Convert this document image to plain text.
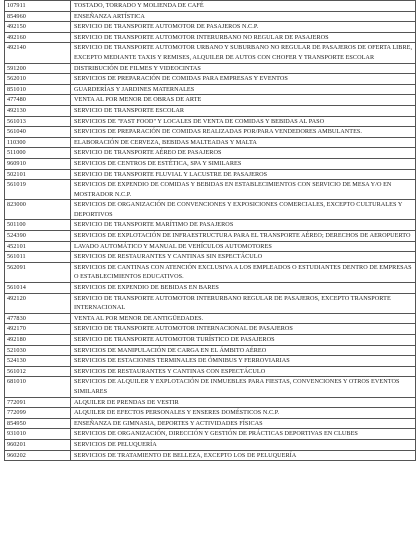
107911	TOSTADO, TORRADO Y MOLIENDA DE CAFÉ
854960	ENSEÑANZA ARTÍSTICA
492150	SERVICIO DE TRANSPORTE AUTOMOTOR DE PASAJEROS N.C.P.
492160	SERVICIO DE TRANSPORTE AUTOMOTOR INTERURBANO NO REGULAR DE PASAJEROS
492140	SERVICIO DE TRANSPORTE AUTOMOTOR URBANO Y SUBURBANO NO REGULAR DE PASAJEROS DE OFERTA LIBRE, EXCEPTO MEDIANTE TAXIS Y REMISES, ALQUILER DE AUTOS CON CHOFER Y TRANSPORTE ESCOLAR
591200	DISTRIBUCIÓN DE FILMES Y VIDEOCINTAS
562010	SERVICIOS DE PREPARACIÓN DE COMIDAS PARA EMPRESAS Y EVENTOS
851010	GUARDERÍAS Y JARDINES MATERNALES
477480	VENTA AL POR MENOR DE OBRAS DE ARTE
492130	SERVICIO DE TRANSPORTE ESCOLAR
561013	SERVICIOS DE "FAST FOOD" Y LOCALES DE VENTA DE COMIDAS Y BEBIDAS AL PASO
561040	SERVICIOS DE PREPARACIÓN DE COMIDAS REALIZADAS POR/PARA VENDEDORES AMBULANTES.
110300	ELABORACIÓN DE CERVEZA, BEBIDAS MALTEADAS Y MALTA
511000	SERVICIO DE TRANSPORTE AÉREO DE PASAJEROS
960910	SERVICIOS DE CENTROS DE ESTÉTICA, SPA Y SIMILARES
502101	SERVICIO DE TRANSPORTE FLUVIAL Y LACUSTRE DE PASAJEROS
561019	SERVICIOS DE EXPENDIO DE COMIDAS Y BEBIDAS EN ESTABLECIMIENTOS CON SERVICIO DE MESA Y/O EN MOSTRADOR N.C.P.
823000	SERVICIOS DE ORGANIZACIÓN DE CONVENCIONES Y EXPOSICIONES COMERCIALES, EXCEPTO CULTURALES Y DEPORTIVOS
501100	SERVICIO DE TRANSPORTE MARÍTIMO DE PASAJEROS
524390	SERVICIOS DE EXPLOTACIÓN DE INFRAESTRUCTURA PARA EL TRANSPORTE AÉREO; DERECHOS DE AEROPUERTO
452101	LAVADO AUTOMÁTICO Y MANUAL DE VEHÍCULOS AUTOMOTORES
561011	SERVICIOS DE RESTAURANTES Y CANTINAS SIN ESPECTÁCULO
562091	SERVICIOS DE CANTINAS CON ATENCIÓN EXCLUSIVA A LOS EMPLEADOS O ESTUDIANTES DENTRO DE EMPRESAS O ESTABLECIMIENTOS EDUCATIVOS.
561014	SERVICIOS DE EXPENDIO DE BEBIDAS EN BARES
492120	SERVICIO DE TRANSPORTE AUTOMOTOR INTERURBANO REGULAR DE PASAJEROS, EXCEPTO TRANSPORTE INTERNACIONAL
477830	VENTA AL POR MENOR DE ANTIGÜEDADES.
492170	SERVICIO DE TRANSPORTE AUTOMOTOR INTERNACIONAL DE PASAJEROS
492180	SERVICIO DE TRANSPORTE AUTOMOTOR TURÍSTICO DE PASAJEROS
521030	SERVICIOS DE MANIPULACIÓN DE CARGA EN EL ÁMBITO AÉREO
524130	SERVICIOS DE ESTACIONES TERMINALES DE ÓMNIBUS Y FERROVIARIAS
561012	SERVICIOS DE RESTAURANTES Y CANTINAS CON ESPECTÁCULO
681010	SERVICIOS DE ALQUILER Y EXPLOTACIÓN DE INMUEBLES PARA FIESTAS, CONVENCIONES Y OTROS EVENTOS SIMILARES
772091	ALQUILER DE PRENDAS DE VESTIR
772099	ALQUILER DE EFECTOS PERSONALES Y ENSERES DOMÉSTICOS N.C.P.
854950	ENSEÑANZA DE GIMNASIA, DEPORTES Y ACTIVIDADES FÍSICAS
931010	SERVICIOS DE ORGANIZACIÓN, DIRECCIÓN Y GESTIÓN DE PRÁCTICAS DEPORTIVAS EN CLUBES
960201	SERVICIOS DE PELUQUERÍA
960202	SERVICIOS DE TRATAMIENTO DE BELLEZA, EXCEPTO LOS DE PELUQUERÍA
